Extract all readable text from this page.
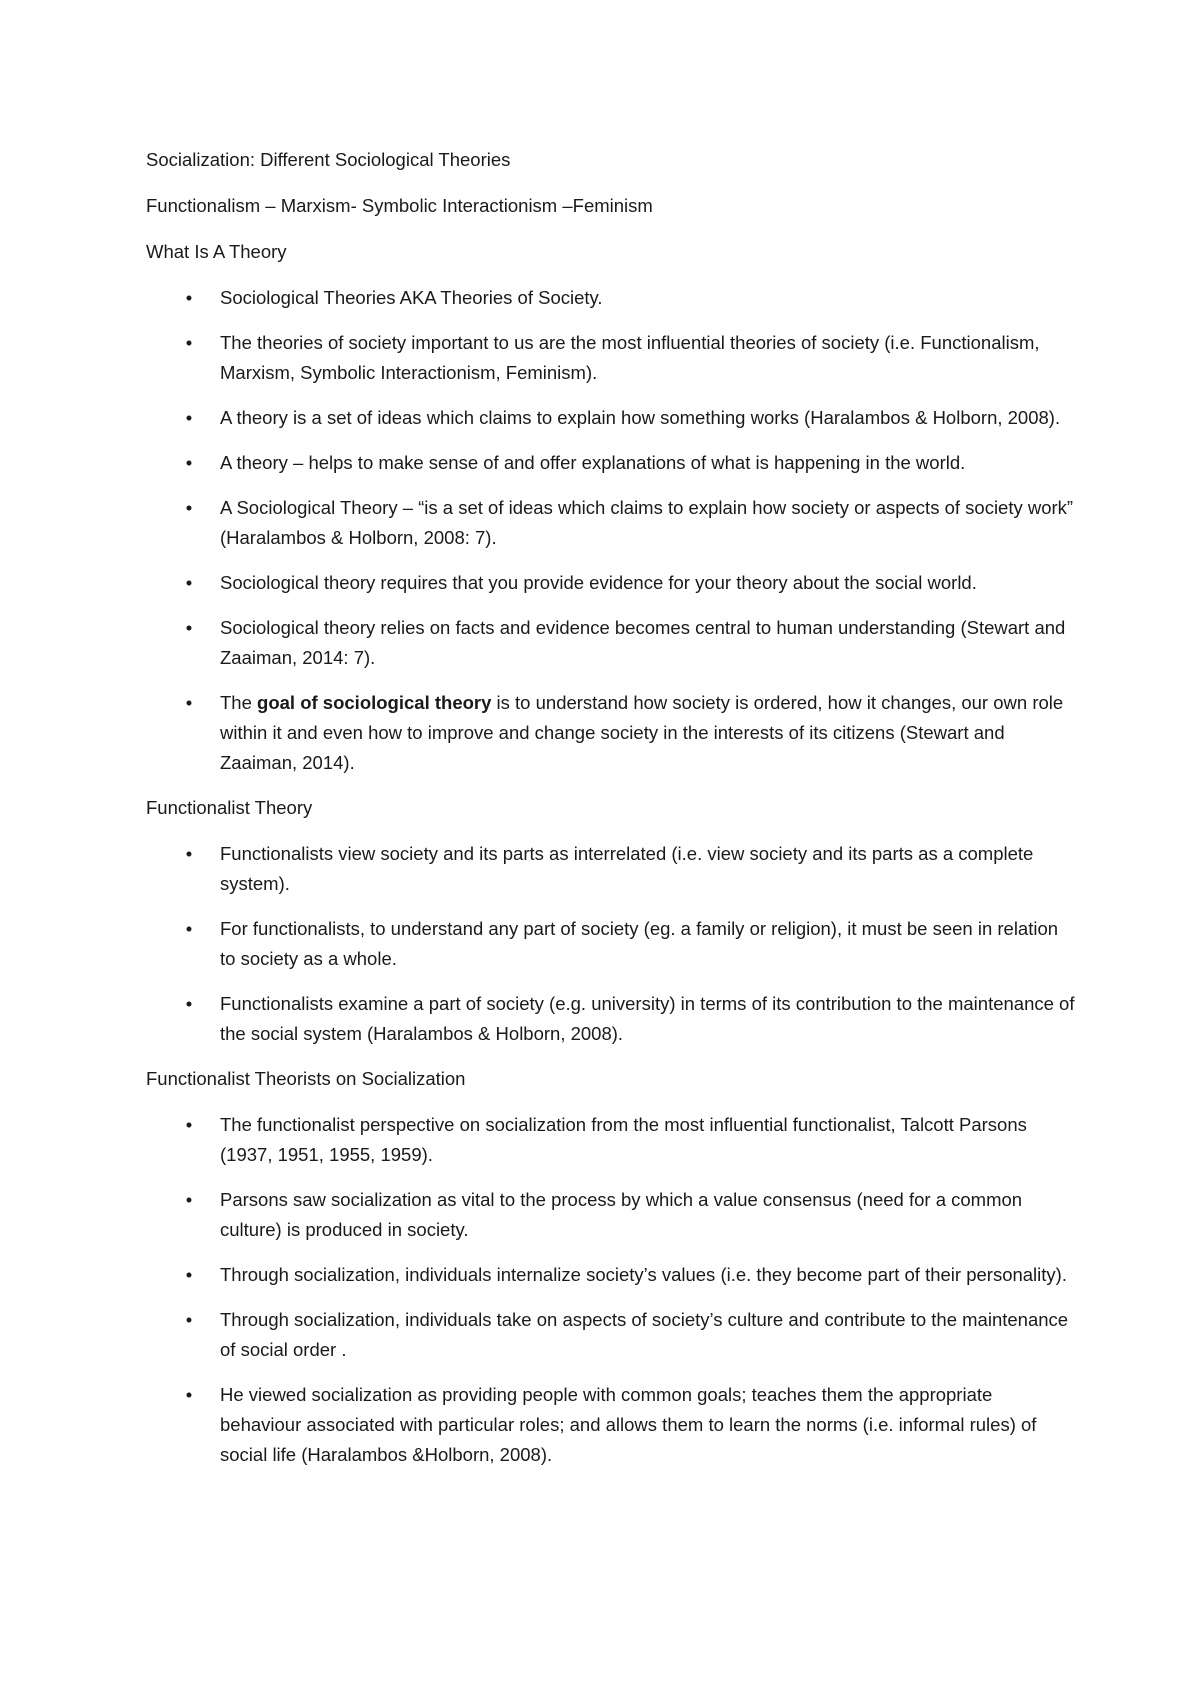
Socialization: Different Sociological Theories

Functionalism – Marxism- Symbolic Interactionism –Feminism

What Is A Theory

• Sociological Theories AKA Theories of Society.
• The theories of society important to us are the most influential theories of society (i.e. Functionalism, Marxism, Symbolic Interactionism, Feminism).
• A theory is a set of ideas which claims to explain how something works (Haralambos & Holborn, 2008).
• A theory – helps to make sense of and offer explanations of what is happening in the world.
• A Sociological Theory – “is a set of ideas which claims to explain how society or aspects of society work” (Haralambos & Holborn, 2008: 7).
• Sociological theory requires that you provide evidence for your theory about the social world.
• Sociological theory relies on facts and evidence becomes central to human understanding (Stewart and Zaaiman, 2014: 7).
• The goal of sociological theory is to understand how society is ordered, how it changes, our own role within it and even how to improve and change society in the interests of its citizens (Stewart and Zaaiman, 2014).

Functionalist Theory

• Functionalists view society and its parts as interrelated (i.e. view society and its parts as a complete system).
• For functionalists, to understand any part of society (eg. a family or religion), it must be seen in relation to society as a whole.
• Functionalists examine a part of society (e.g. university) in terms of its contribution to the maintenance of the social system (Haralambos & Holborn, 2008).

Functionalist Theorists on Socialization

• The functionalist perspective on socialization from the most influential functionalist, Talcott Parsons (1937, 1951, 1955, 1959).
• Parsons saw socialization as vital to the process by which a value consensus (need for a common culture) is produced in society.
• Through socialization, individuals internalize society’s values (i.e. they become part of their personality).
• Through socialization, individuals take on aspects of society’s culture and contribute to the maintenance of social order .
• He viewed socialization as providing people with common goals; teaches them the appropriate behaviour associated with particular roles; and allows them to learn the norms (i.e. informal rules) of social life (Haralambos &Holborn, 2008).
